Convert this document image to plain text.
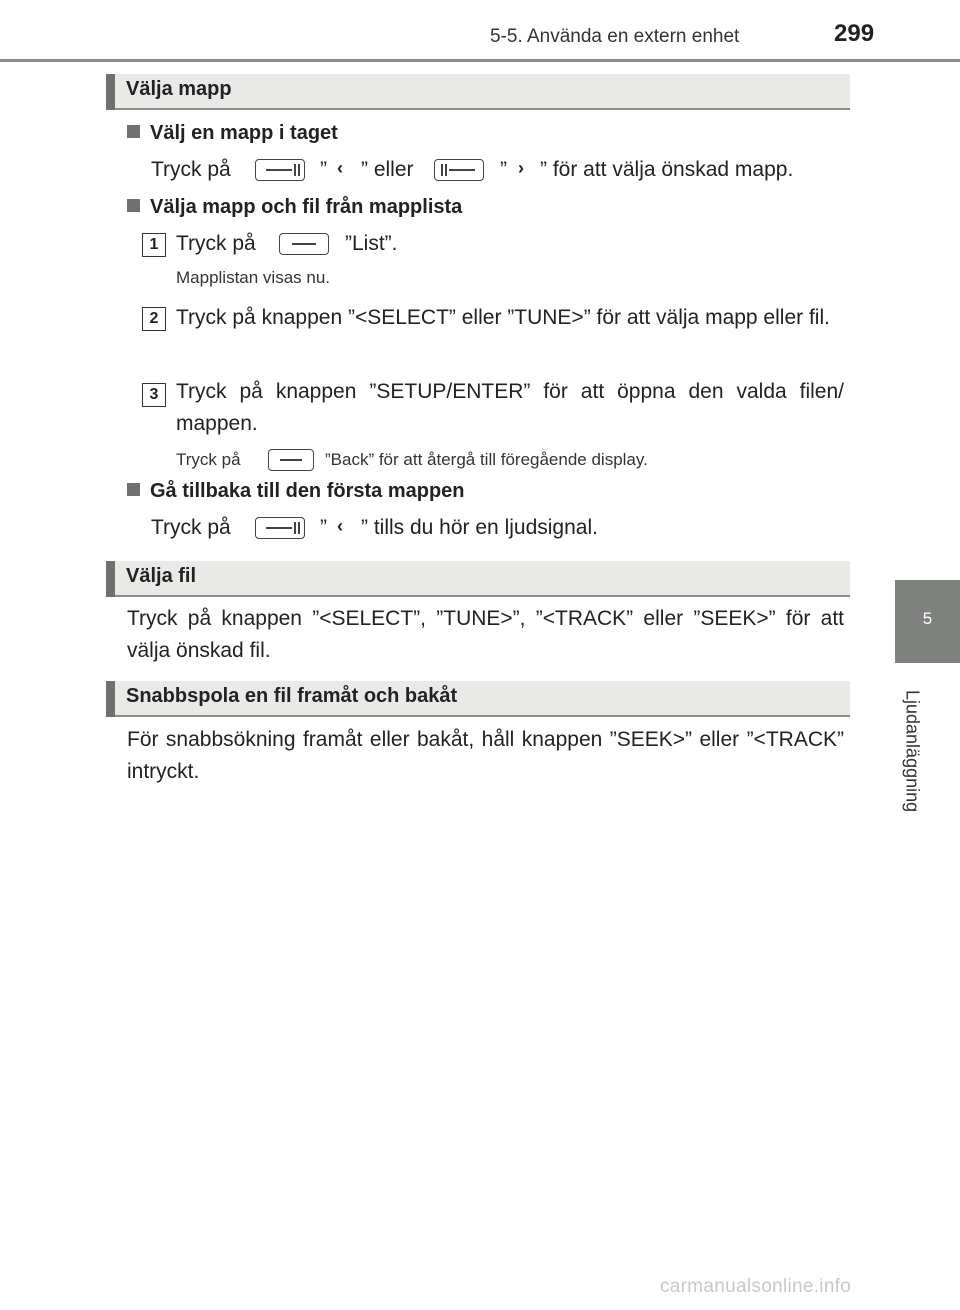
5-5. Använda en extern enhet	299
5
Ljudanläggning
Välja mapp
Välj en mapp i taget
Tryck på	” ‹ ” eller	” › ” för att välja önskad mapp.
Välja mapp och fil från mapplista
1 Tryck på	”List”.
Mapplistan visas nu.
2 Tryck på knappen ”<SELECT” eller ”TUNE>” för att välja mapp eller fil.
3 Tryck på knappen ”SETUP/ENTER” för att öppna den valda filen/ mappen.
Tryck på	”Back” för att återgå till föregående display.
Gå tillbaka till den första mappen
Tryck på	” ‹ ” tills du hör en ljudsignal.
Välja fil
Tryck på knappen ”<SELECT”, ”TUNE>”, ”<TRACK” eller ”SEEK>” för att välja önskad fil.
Snabbspola en fil framåt och bakåt
För snabbsökning framåt eller bakåt, håll knappen ”SEEK>” eller ”<TRACK” intryckt.
carmanualsonline.info
